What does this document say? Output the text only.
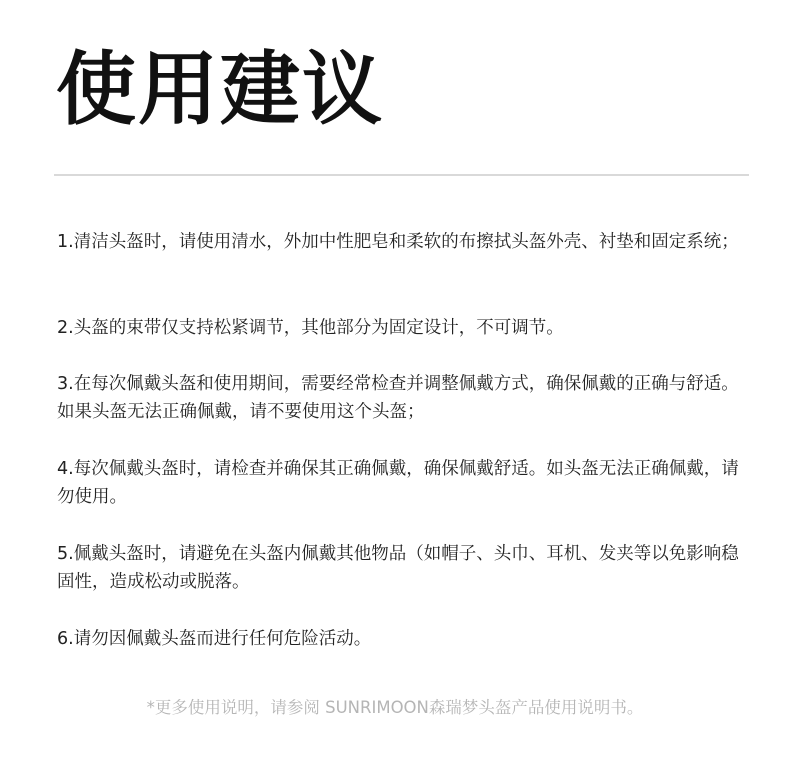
使用建议
1.清洁头盔时，请使用清水，外加中性肥皂和柔软的布擦拭头盔外壳、衬垫和固定系统；
2.头盔的束带仅支持松紧调节，其他部分为固定设计，不可调节。
3.在每次佩戴头盔和使用期间，需要经常检查并调整佩戴方式，确保佩戴的正确与舒适。如果头盔无法正确佩戴，请不要使用这个头盔；
4.每次佩戴头盔时，请检查并确保其正确佩戴，确保佩戴舒适。如头盔无法正确佩戴，请勿使用。
5.佩戴头盔时，请避免在头盔内佩戴其他物品（如帽子、头巾、耳机、发夹等以免影响稳固性，造成松动或脱落。
6.请勿因佩戴头盔而进行任何危险活动。
*更多使用说明，请参阅 SUNRIMOON森瑞梦头盔产品使用说明书。
